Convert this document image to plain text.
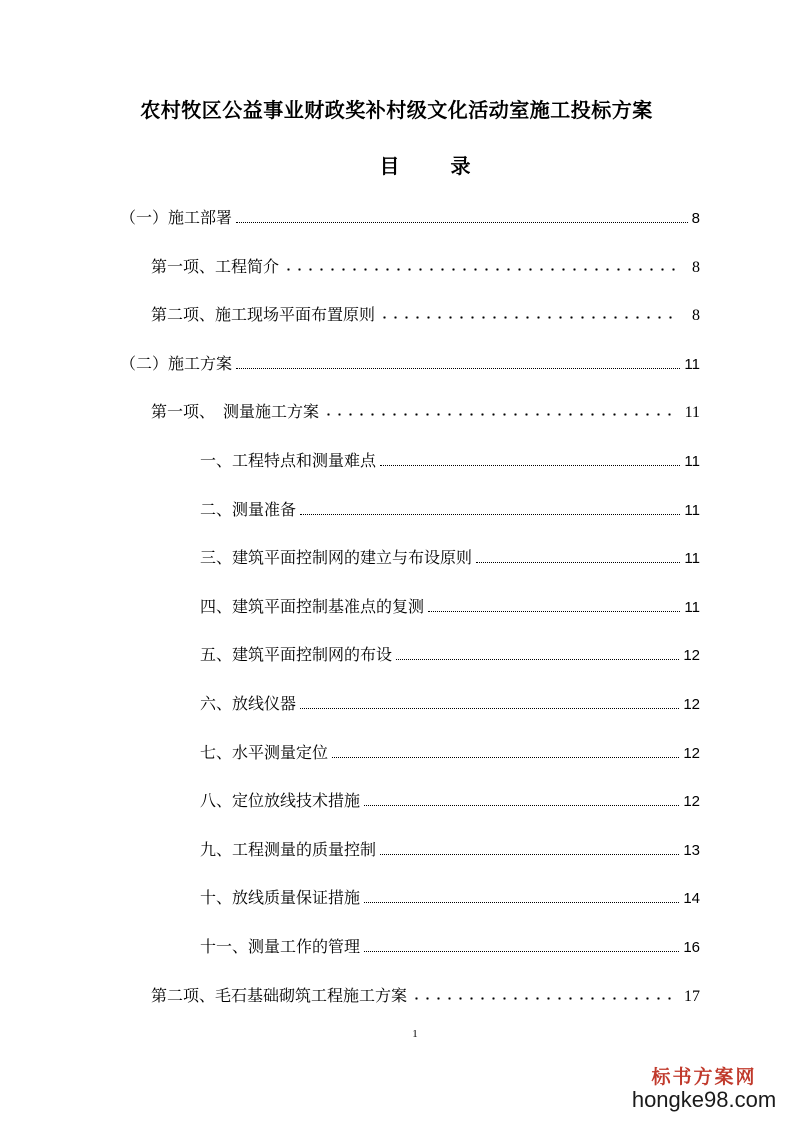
农村牧区公益事业财政奖补村级文化活动室施工投标方案
目 录
（一）施工部署	8
第一项、工程简介	8
第二项、施工现场平面布置原则	8
（二）施工方案	11
第一项、　测量施工方案	11
一、工程特点和测量难点	11
二、测量准备	11
三、建筑平面控制网的建立与布设原则	11
四、建筑平面控制基准点的复测	11
五、建筑平面控制网的布设	12
六、放线仪器	12
七、水平测量定位	12
八、定位放线技术措施	12
九、工程测量的质量控制	13
十、放线质量保证措施	14
十一、测量工作的管理	16
第二项、毛石基础砌筑工程施工方案	17
1
标书方案网
hongke98.com
